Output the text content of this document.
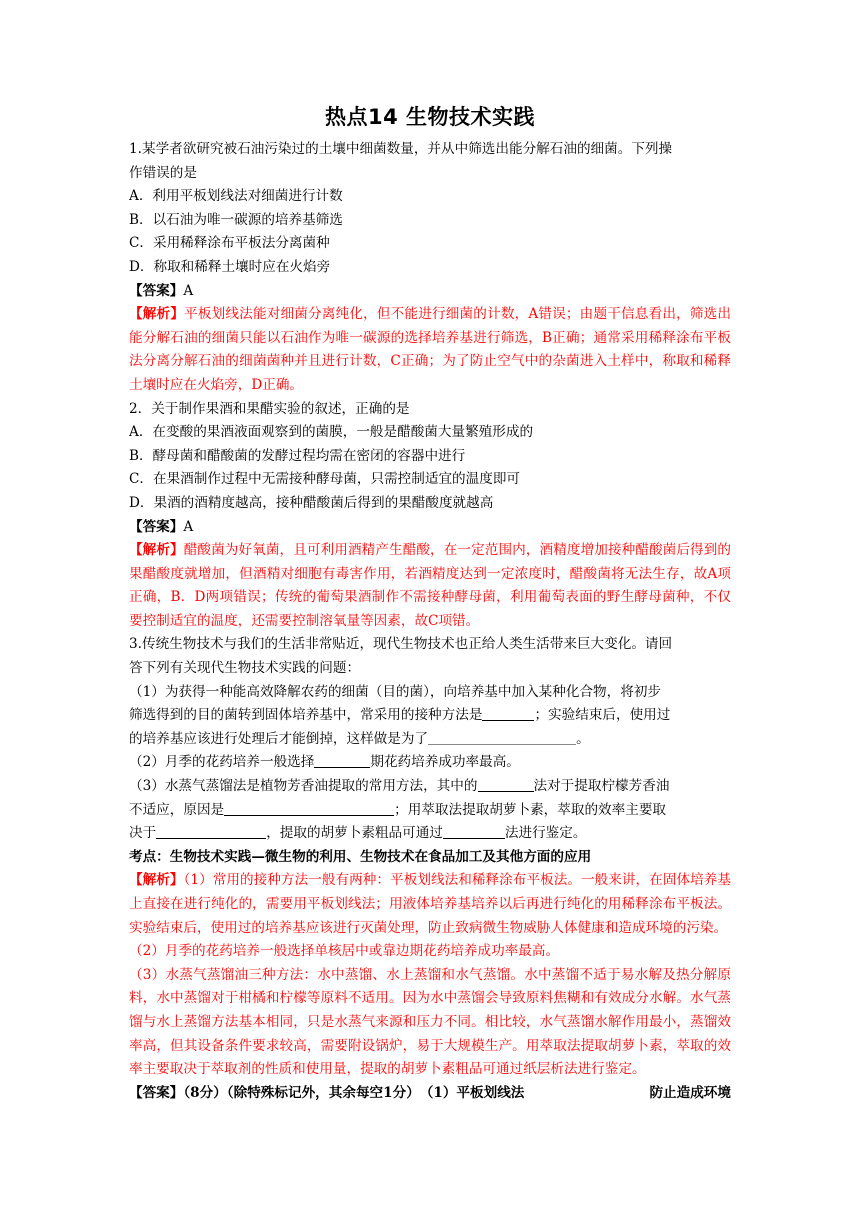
热点14 生物技术实践
1.某学者欲研究被石油污染过的土壤中细菌数量，并从中筛选出能分解石油的细菌。下列操
作错误的是
A．利用平板划线法对细菌进行计数
B．以石油为唯一碳源的培养基筛选
C．采用稀释涂布平板法分离菌种
D．称取和稀释土壤时应在火焰旁
【答案】A
【解析】平板划线法能对细菌分离纯化，但不能进行细菌的计数，A错误；由题干信息看出，筛选出能分解石油的细菌只能以石油作为唯一碳源的选择培养基进行筛选，B正确；通常采用稀释涂布平板法分离分解石油的细菌菌种并且进行计数，C正确；为了防止空气中的杂菌进入土样中，称取和稀释土壤时应在火焰旁，D正确。
2．关于制作果酒和果醋实验的叙述，正确的是
A．在变酸的果酒液面观察到的菌膜，一般是醋酸菌大量繁殖形成的
B．酵母菌和醋酸菌的发酵过程均需在密闭的容器中进行
C．在果酒制作过程中无需接种酵母菌，只需控制适宜的温度即可
D．果酒的酒精度越高，接种醋酸菌后得到的果醋酸度就越高
【答案】A
【解析】醋酸菌为好氧菌，且可利用酒精产生醋酸，在一定范围内，酒精度增加接种醋酸菌后得到的果醋酸度就增加，但酒精对细胞有毒害作用，若酒精度达到一定浓度时，醋酸菌将无法生存，故A项正确，B．D两项错误；传统的葡萄果酒制作不需接种酵母菌，利用葡萄表面的野生酵母菌种，不仅要控制适宜的温度，还需要控制溶氧量等因素，故C项错。
3.传统生物技术与我们的生活非常贴近，现代生物技术也正给人类生活带来巨大变化。请回
答下列有关现代生物技术实践的问题：
（1）为获得一种能高效降解农药的细菌（目的菌），向培养基中加入某种化合物，将初步
筛选得到的目的菌转到固体培养基中，常采用的接种方法是	；实验结束后，使用过
的培养基应该进行处理后才能倒掉，这样做是为了	。
（2）月季的花药培养一般选择	期花药培养成功率最高。
（3）水蒸气蒸馏法是植物芳香油提取的常用方法，其中的	法对于提取柠檬芳香油
不适应，原因是	；用萃取法提取胡萝卜素，萃取的效率主要取
决于	，提取的胡萝卜素粗品可通过	法进行鉴定。
考点：生物技术实践—微生物的利用、生物技术在食品加工及其他方面的应用
【解析】（1）常用的接种方法一般有两种：平板划线法和稀释涂布平板法。一般来讲，在固体培养基上直接在进行纯化的，需要用平板划线法；用液体培养基培养以后再进行纯化的用稀释涂布平板法。实验结束后，使用过的培养基应该进行灭菌处理，防止致病微生物威胁人体健康和造成环境的污染。
（2）月季的花药培养一般选择单核居中或靠边期花药培养成功率最高。
（3）水蒸气蒸馏油三种方法：水中蒸馏、水上蒸馏和水气蒸馏。水中蒸馏不适于易水解及热分解原料，水中蒸馏对于柑橘和柠檬等原料不适用。因为水中蒸馏会导致原料焦糊和有效成分水解。水气蒸馏与水上蒸馏方法基本相同，只是水蒸气来源和压力不同。相比较，水气蒸馏水解作用最小，蒸馏效率高，但其设备条件要求较高，需要附设锅炉，易于大规模生产。用萃取法提取胡萝卜素，萃取的效率主要取决于萃取剂的性质和使用量，提取的胡萝卜素粗品可通过纸层析法进行鉴定。
【答案】（8分）（除特殊标记外，其余每空1分）　（1）平板划线法	防止造成环境
